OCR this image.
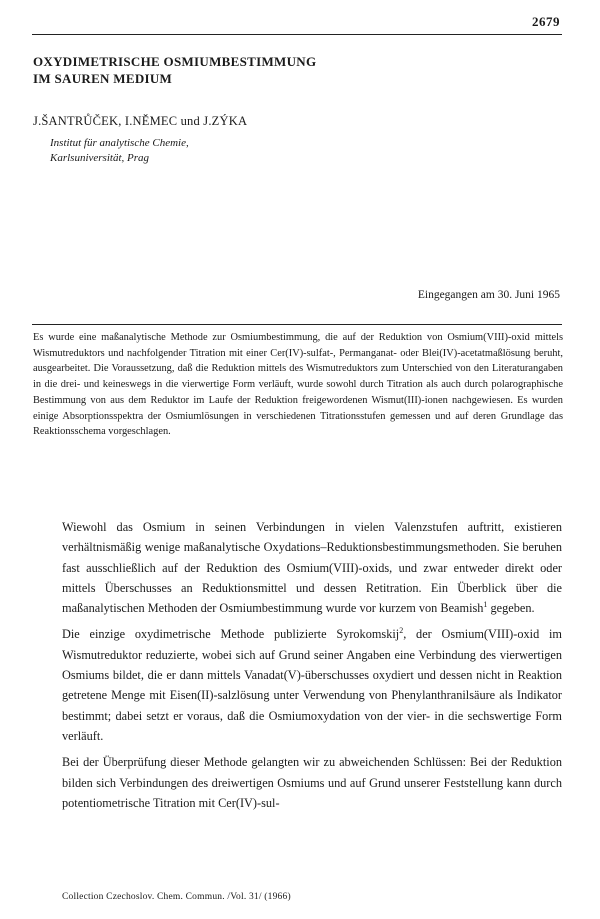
2679
OXYDIMETRISCHE OSMIUMBESTIMMUNG
IM SAUREN MEDIUM
J.ŠANTRŮČEK, I.NĚMEC und J.ZÝKA
Institut für analytische Chemie,
Karlsuniversität, Prag
Eingegangen am 30. Juni 1965

Es wurde eine maßanalytische Methode zur Osmiumbestimmung, die auf der Reduktion von Osmium(VIII)-oxid mittels Wismutreduktors und nachfolgender Titration mit einer Cer(IV)-sulfat-, Permanganat- oder Blei(IV)-acetatmaßlösung beruht, ausgearbeitet. Die Voraussetzung, daß die Reduktion mittels des Wismutreduktors zum Unterschied von den Literaturangaben in die drei- und keineswegs in die vierwertige Form verläuft, wurde sowohl durch Titration als auch durch polarographische Bestimmung von aus dem Reduktor im Laufe der Reduktion freigewordenen Wismut(III)-ionen nachgewiesen. Es wurden einige Absorptionsspektra der Osmiumlösungen in verschiedenen Titrationsstufen gemessen und auf deren Grundlage das Reaktionsschema vorgeschlagen.

Wiewohl das Osmium in seinen Verbindungen in vielen Valenzstufen auftritt, existieren verhältnismäßig wenige maßanalytische Oxydations–Reduktionsbestimmungsmethoden. Sie beruhen fast ausschließlich auf der Reduktion des Osmium(VIII)-oxids, und zwar entweder direkt oder mittels Überschusses an Reduktionsmittel und dessen Retitration. Ein Überblick über die maßanalytischen Methoden der Osmiumbestimmung wurde vor kurzem von Beamish$^1$ gegeben.

Die einzige oxydimetrische Methode publizierte Syrokomskij$^2$, der Osmium(VIII)-oxid im Wismutreduktor reduzierte, wobei sich auf Grund seiner Angaben eine Verbindung des vierwertigen Osmiums bildet, die er dann mittels Vanadat(V)-überschusses oxydiert und dessen nicht in Reaktion getretene Menge mit Eisen(II)-salzlösung unter Verwendung von Phenylanthranilsäure als Indikator bestimmt; dabei setzt er voraus, daß die Osmiumoxydation von der vier- in die sechswertige Form verläuft.

Bei der Überprüfung dieser Methode gelangten wir zu abweichenden Schlüssen: Bei der Reduktion bilden sich Verbindungen des dreiwertigen Osmiums und auf Grund unserer Feststellung kann durch potentiometrische Titration mit Cer(IV)-sul-

Collection Czechoslov. Chem. Commun. /Vol. 31/ (1966)
